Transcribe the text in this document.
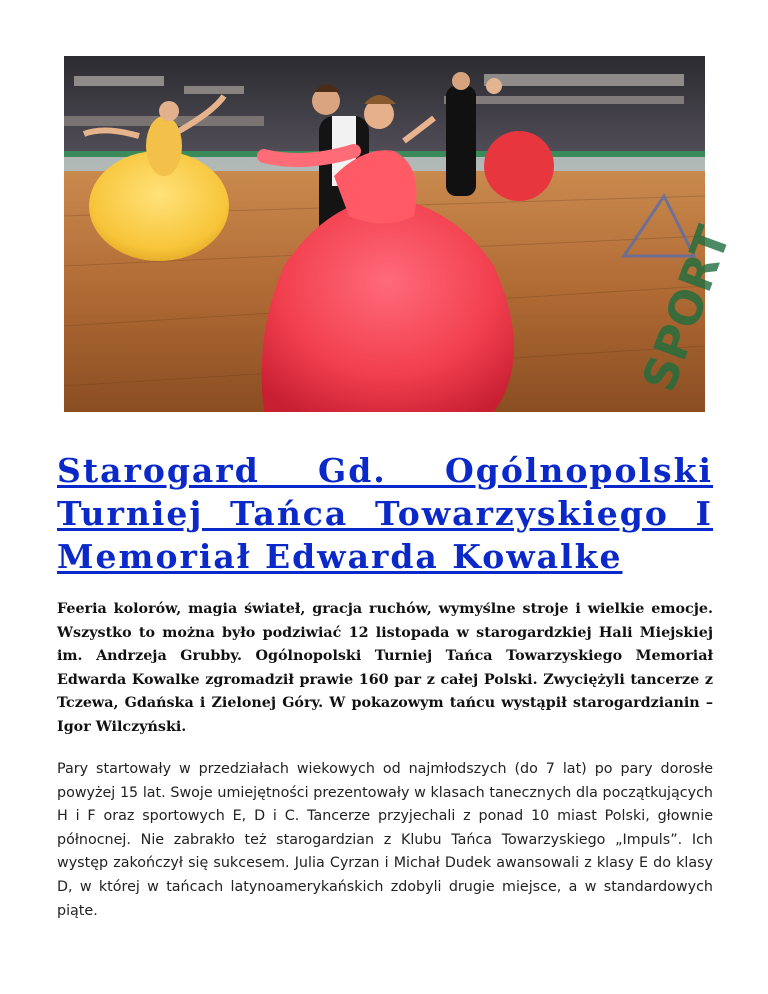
SPORT
Starogard Gd. Ogólnopolski Turniej Tańca Towarzyskiego I Memoriał Edwarda Kowalke

Feeria kolorów, magia świateł, gracja ruchów, wymyślne stroje i wielkie emocje. Wszystko to można było podziwiać 12 listopada w starogardzkiej Hali Miejskiej im. Andrzeja Grubby. Ogólnopolski Turniej Tańca Towarzyskiego Memoriał Edwarda Kowalke zgromadził prawie 160 par z całej Polski. Zwyciężyli tancerze z Tczewa, Gdańska i Zielonej Góry. W pokazowym tańcu wystąpił starogardzianin – Igor Wilczyński.

Pary startowały w przedziałach wiekowych od najmłodszych (do 7 lat) po pary dorosłe powyżej 15 lat. Swoje umiejętności prezentowały w klasach tanecznych dla początkujących H i F oraz sportowych E, D i C. Tancerze przyjechali z ponad 10 miast Polski, głownie północnej. Nie zabrakło też starogardzian z Klubu Tańca Towarzyskiego „Impuls”. Ich występ zakończył się sukcesem. Julia Cyrzan i Michał Dudek awansowali z klasy E do klasy D, w której w tańcach latynoamerykańskich zdobyli drugie miejsce, a w standardowych piąte.
